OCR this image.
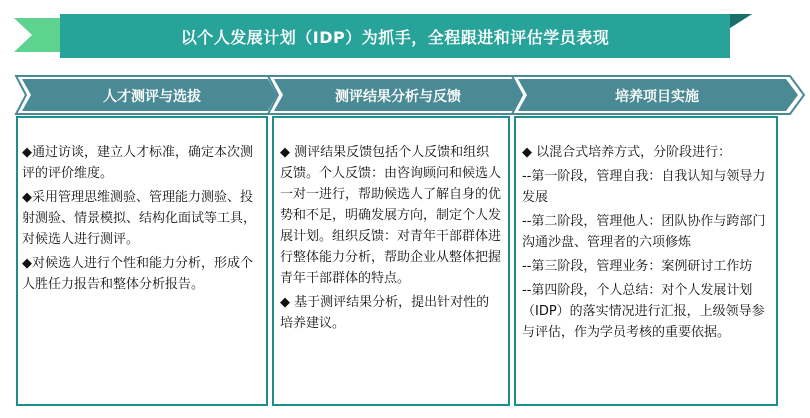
以个人发展计划（IDP）为抓手，全程跟进和评估学员表现
人才测评与选拔	测评结果分析与反馈	培养项目实施

◆通过访谈，建立人才标准，确定本次测评的评价维度。

◆采用管理思维测验、管理能力测验、投射测验、情景模拟、结构化面试等工具，对候选人进行测评。

◆对候选人进行个性和能力分析，形成个人胜任力报告和整体分析报告。

◆ 测评结果反馈包括个人反馈和组织反馈。个人反馈：由咨询顾问和候选人一对一进行，帮助候选人了解自身的优势和不足，明确发展方向，制定个人发展计划。组织反馈：对青年干部群体进行整体能力分析，帮助企业从整体把握青年干部群体的特点。

◆ 基于测评结果分析，提出针对性的培养建议。

◆ 以混合式培养方式，分阶段进行：

--第一阶段，管理自我：自我认知与领导力发展

--第二阶段，管理他人：团队协作与跨部门沟通沙盘、管理者的六项修炼

--第三阶段，管理业务：案例研讨工作坊

--第四阶段，个人总结：对个人发展计划（IDP）的落实情况进行汇报，上级领导参与评估，作为学员考核的重要依据。
